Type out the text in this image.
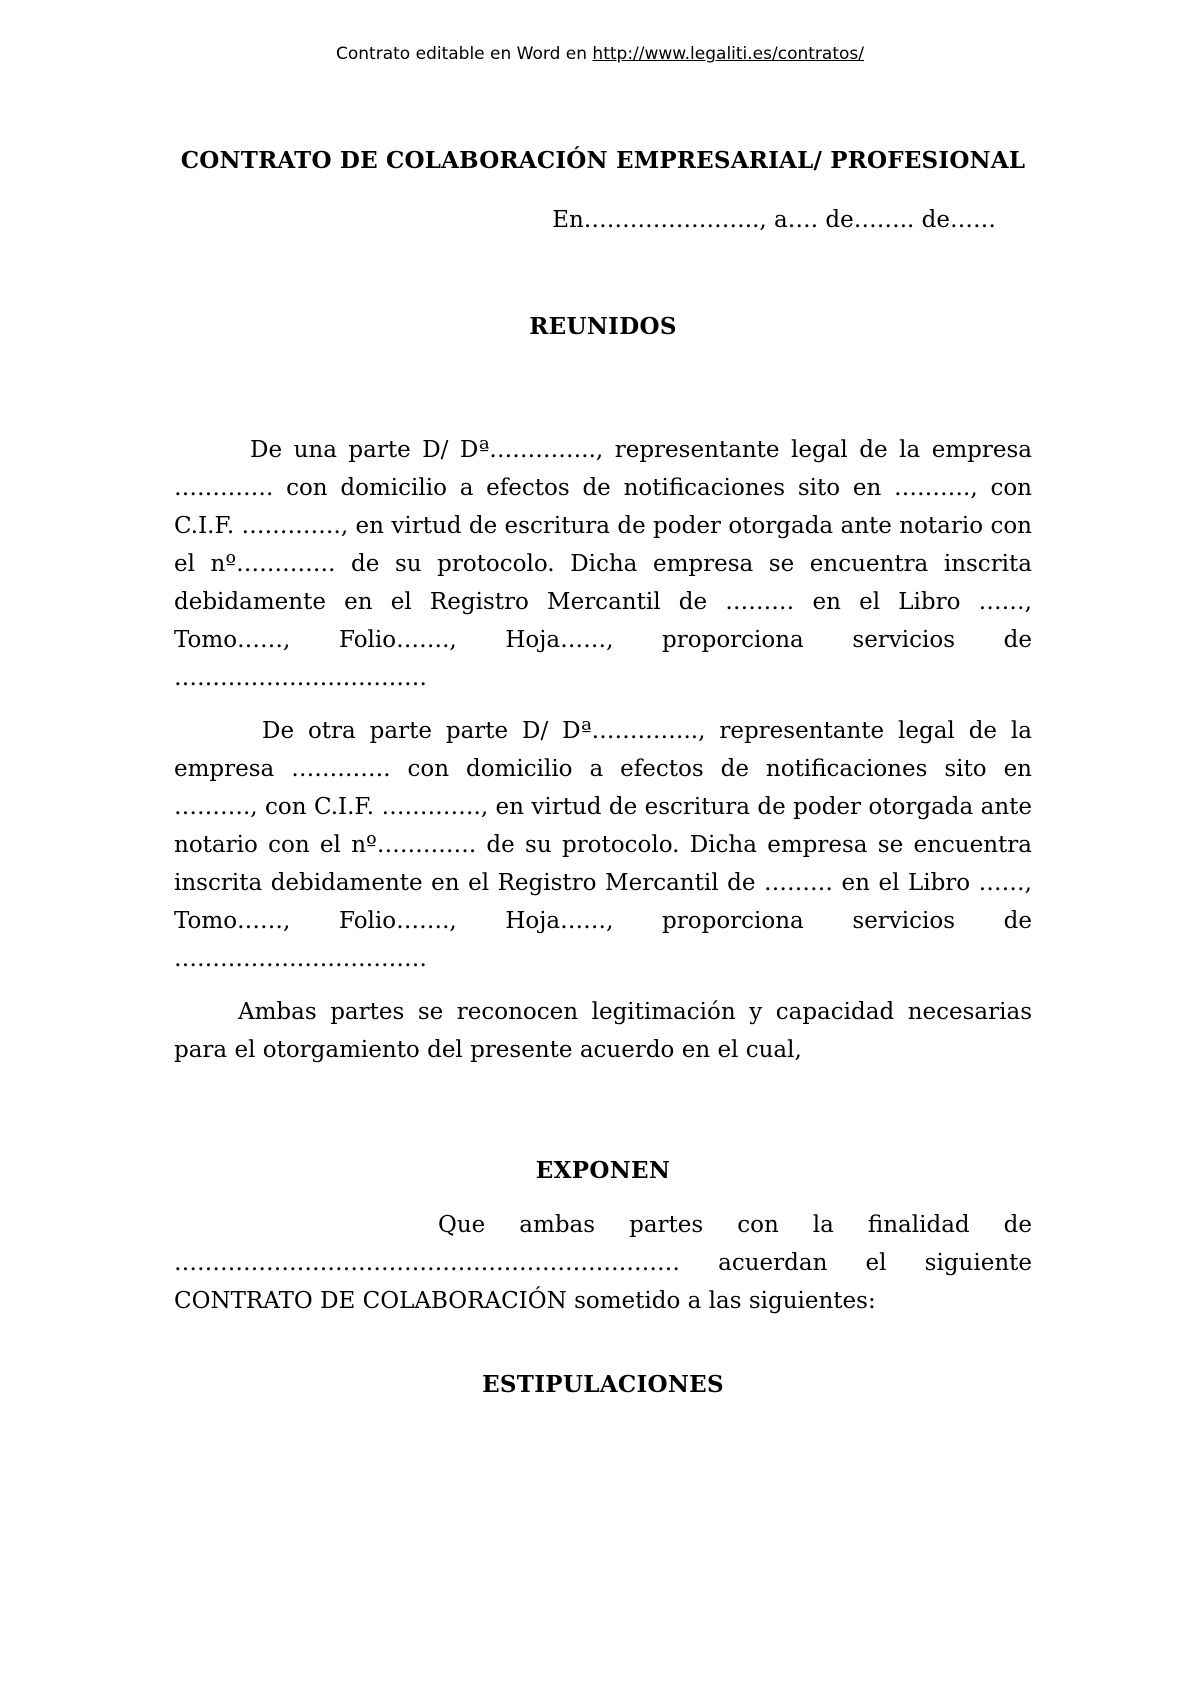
Contrato editable en Word en http://www.legaliti.es/contratos/
CONTRATO DE COLABORACIÓN EMPRESARIAL/ PROFESIONAL
En………………….., a…. de…….. de……
REUNIDOS
De una parte D/ Dª………….., representante legal de la empresa …………. con domicilio a efectos de notificaciones sito en ………., con C.I.F. …………., en virtud de escritura de poder otorgada ante notario con el nº…………. de su protocolo. Dicha empresa se encuentra inscrita debidamente en el Registro Mercantil de ……… en el Libro ……, Tomo……, Folio……., Hoja……, proporciona servicios de ……………………………
De otra parte parte D/ Dª………….., representante legal de la empresa …………. con domicilio a efectos de notificaciones sito en ………., con C.I.F. …………., en virtud de escritura de poder otorgada ante notario con el nº…………. de su protocolo. Dicha empresa se encuentra inscrita debidamente en el Registro Mercantil de ……… en el Libro ……, Tomo……, Folio……., Hoja……, proporciona servicios de ……………………………
Ambas partes se reconocen legitimación y capacidad necesarias para el otorgamiento del presente acuerdo en el cual,
EXPONEN
Que ambas partes con la finalidad de ………………………………………………………… acuerdan el siguiente CONTRATO DE COLABORACIÓN sometido a las siguientes:
ESTIPULACIONES
